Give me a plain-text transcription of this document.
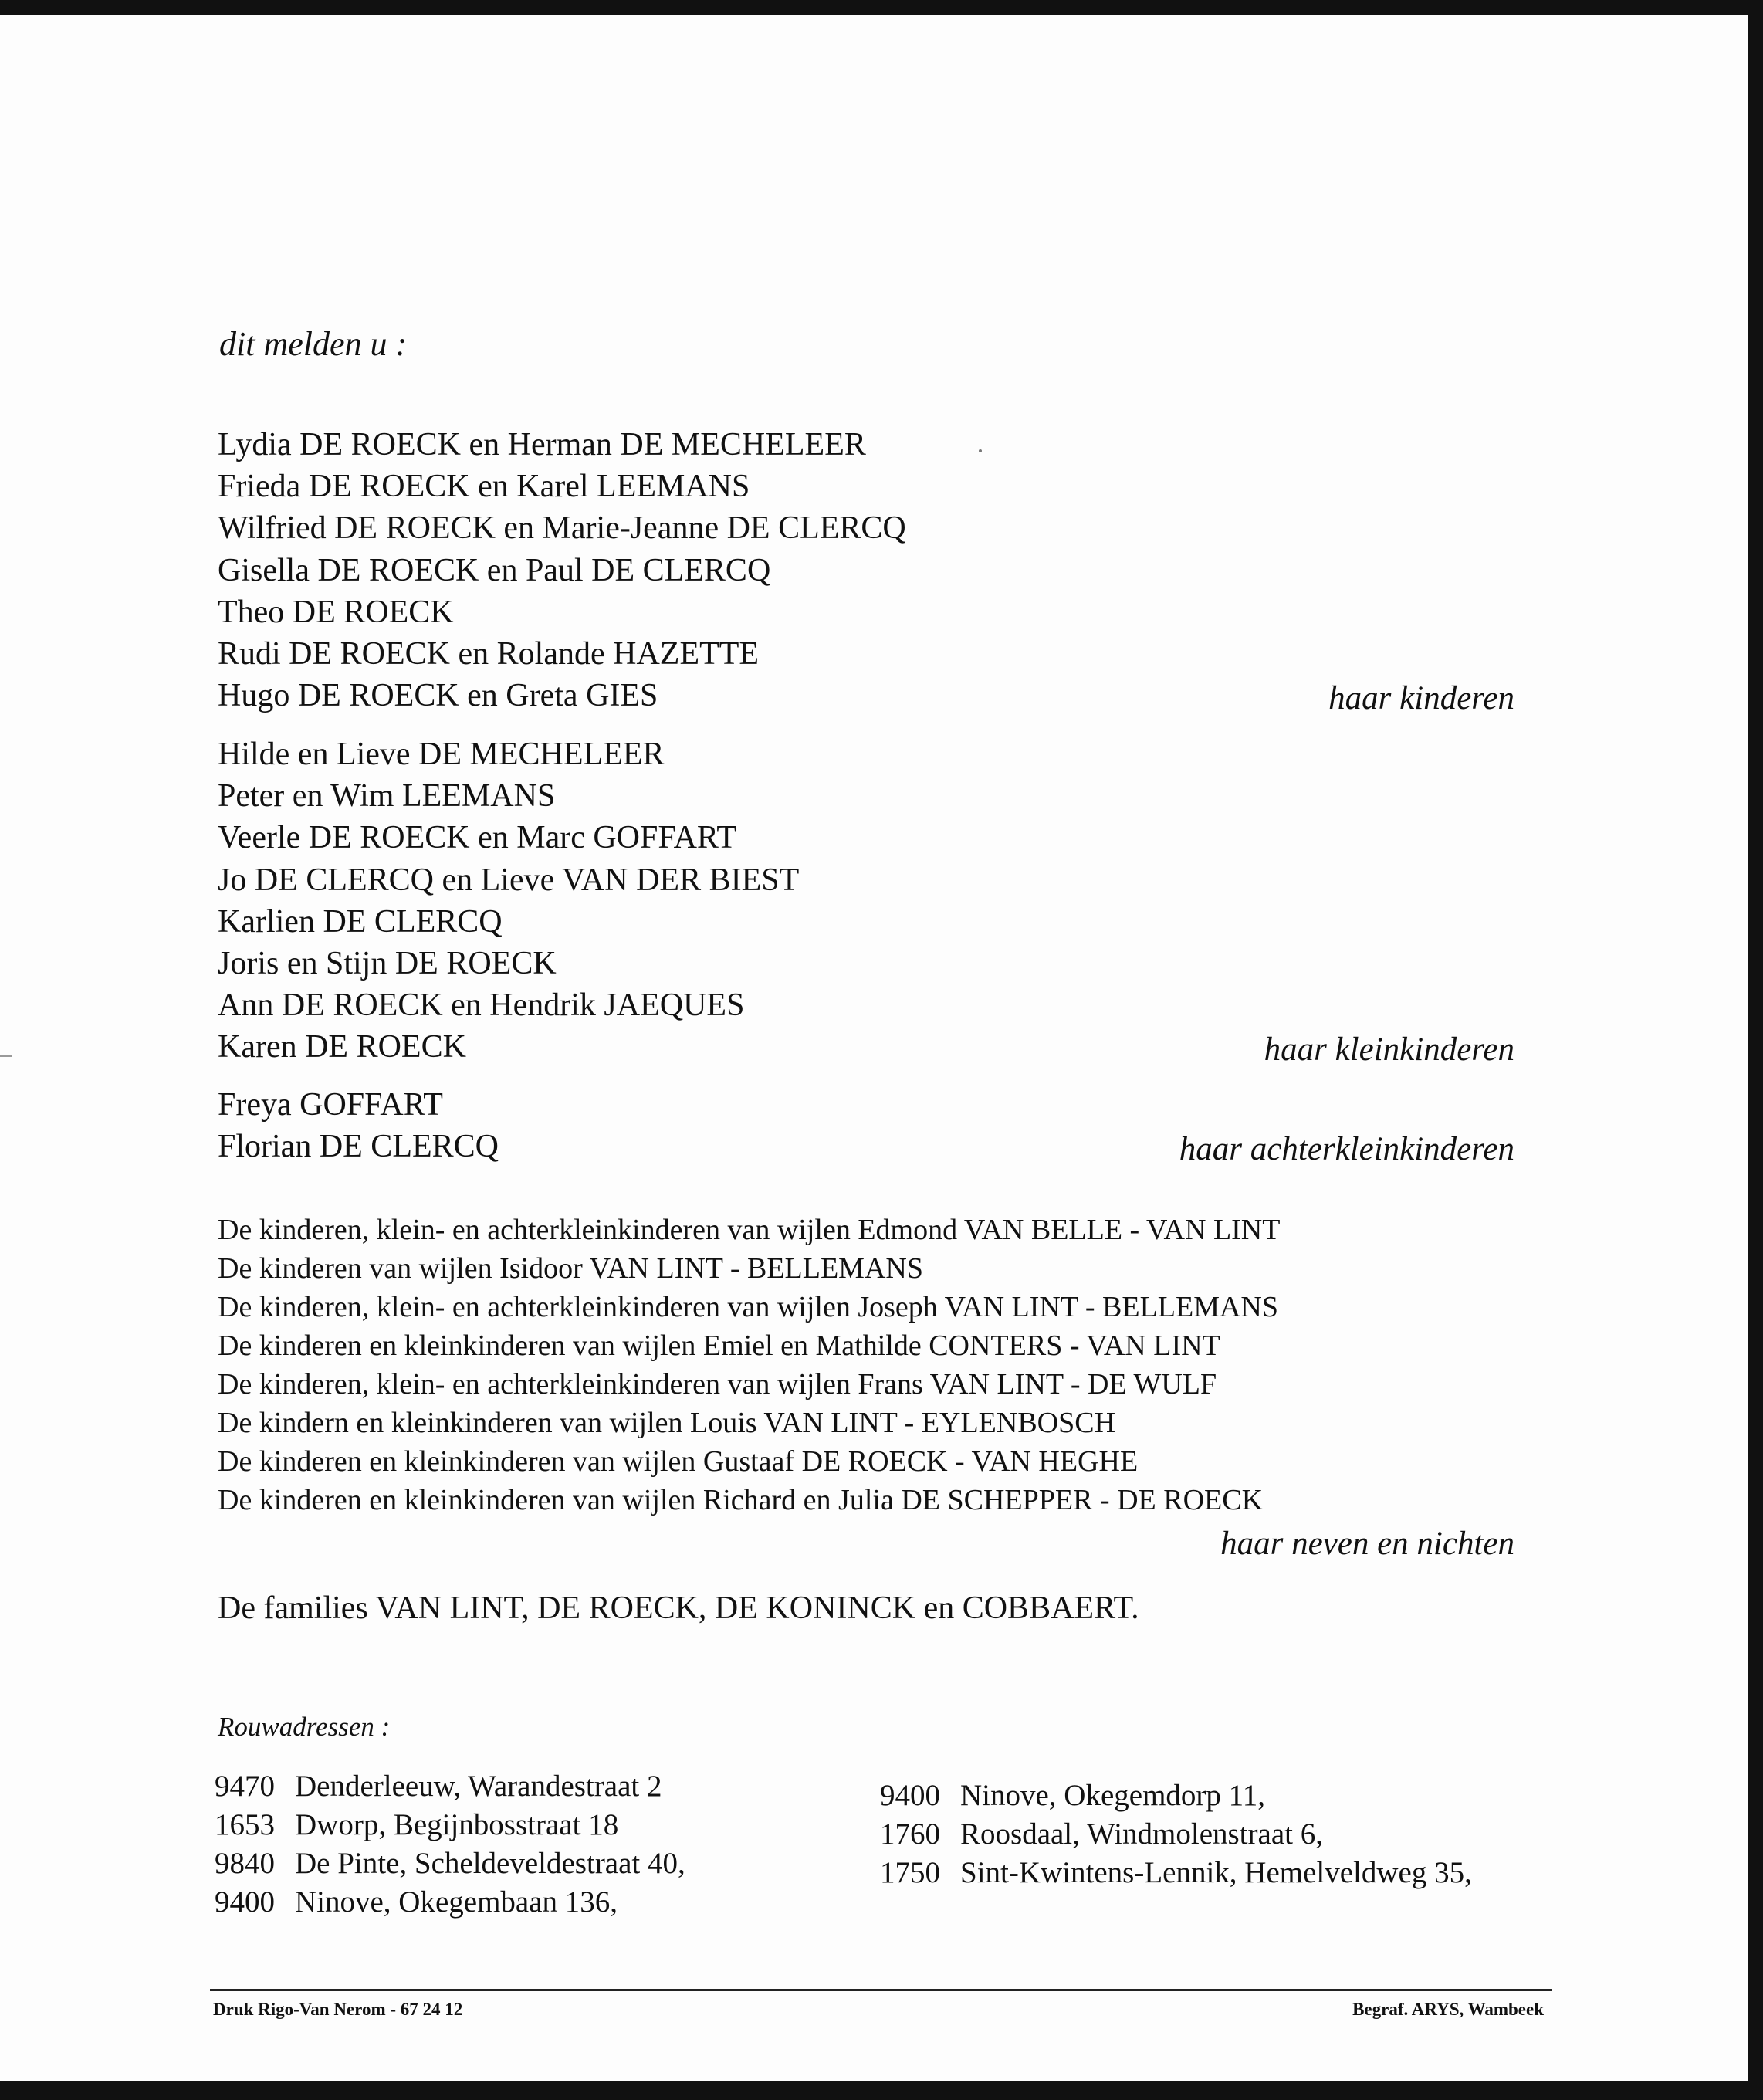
dit melden u :
Lydia DE ROECK en Herman DE MECHELEER
Frieda DE ROECK en Karel LEEMANS
Wilfried DE ROECK en Marie-Jeanne DE CLERCQ
Gisella DE ROECK en Paul DE CLERCQ
Theo DE ROECK
Rudi DE ROECK en Rolande HAZETTE
Hugo DE ROECK en Greta GIES	haar kinderen
Hilde en Lieve DE MECHELEER
Peter en Wim LEEMANS
Veerle DE ROECK en Marc GOFFART
Jo DE CLERCQ en Lieve VAN DER BIEST
Karlien DE CLERCQ
Joris en Stijn DE ROECK
Ann DE ROECK en Hendrik JAEQUES
Karen DE ROECK	haar kleinkinderen
Freya GOFFART
Florian DE CLERCQ	haar achterkleinkinderen
De kinderen, klein- en achterkleinkinderen van wijlen Edmond VAN BELLE - VAN LINT
De kinderen van wijlen Isidoor VAN LINT - BELLEMANS
De kinderen, klein- en achterkleinkinderen van wijlen Joseph VAN LINT - BELLEMANS
De kinderen en kleinkinderen van wijlen Emiel en Mathilde CONTERS - VAN LINT
De kinderen, klein- en achterkleinkinderen van wijlen Frans VAN LINT - DE WULF
De kindern en kleinkinderen van wijlen Louis VAN LINT - EYLENBOSCH
De kinderen en kleinkinderen van wijlen Gustaaf DE ROECK - VAN HEGHE
De kinderen en kleinkinderen van wijlen Richard en Julia DE SCHEPPER - DE ROECK
haar neven en nichten
De families VAN LINT, DE ROECK, DE KONINCK en COBBAERT.
Rouwadressen :
9470 Denderleeuw, Warandestraat 2
1653 Dworp, Begijnbosstraat 18
9840 De Pinte, Scheldeveldestraat 40,
9400 Ninove, Okegembaan 136,
9400 Ninove, Okegemdorp 11,
1760 Roosdaal, Windmolenstraat 6,
1750 Sint-Kwintens-Lennik, Hemelveldweg 35,
Druk Rigo-Van Nerom - 67 24 12	Begraf. ARYS, Wambeek
